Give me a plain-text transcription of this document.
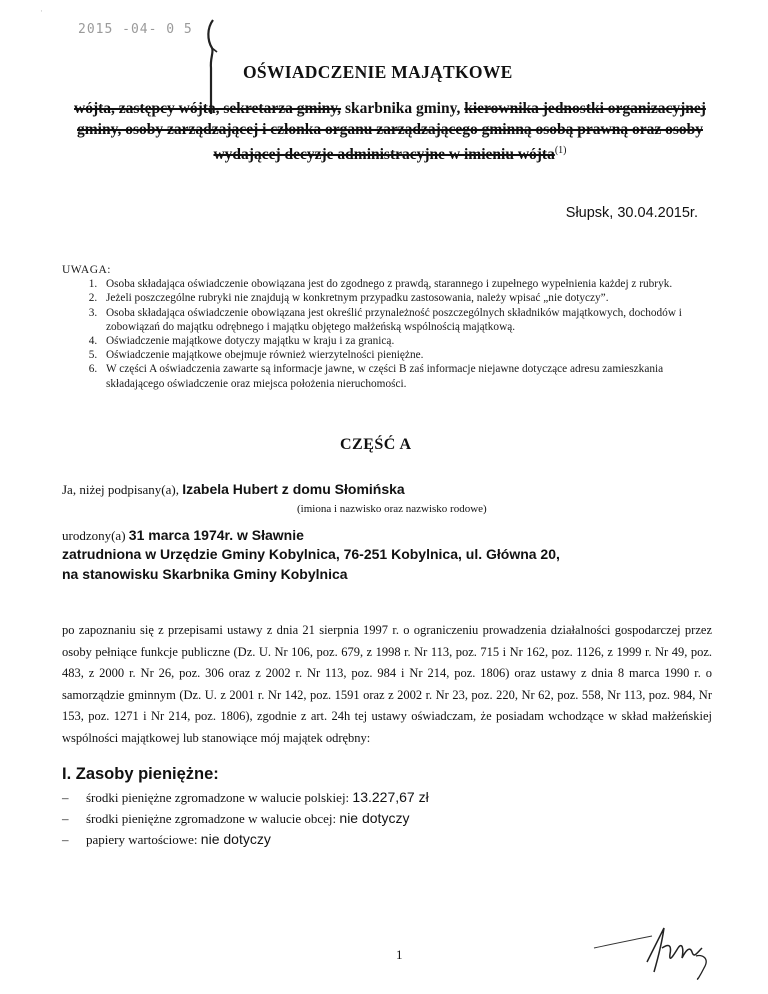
·
2015 -04- 0 5
OŚWIADCZENIE MAJĄTKOWE
wójta, zastępcy wójta, sekretarza gminy, skarbnika gminy, kierownika jednostki organizacyjnej gminy, osoby zarządzającej i członka organu zarządzającego gminną osobą prawną oraz osoby wydającej decyzje administracyjne w imieniu wójta$^{(1)}$
Słupsk, 30.04.2015r.
UWAGA:
1. Osoba składająca oświadczenie obowiązana jest do zgodnego z prawdą, starannego i zupełnego wypełnienia każdej z rubryk.
2. Jeżeli poszczególne rubryki nie znajdują w konkretnym przypadku zastosowania, należy wpisać „nie dotyczy”.
3. Osoba składająca oświadczenie obowiązana jest określić przynależność poszczególnych składników majątkowych, dochodów i zobowiązań do majątku odrębnego i majątku objętego małżeńską wspólnością majątkową.
4. Oświadczenie majątkowe dotyczy majątku w kraju i za granicą.
5. Oświadczenie majątkowe obejmuje również wierzytelności pieniężne.
6. W części A oświadczenia zawarte są informacje jawne, w części B zaś informacje niejawne dotyczące adresu zamieszkania składającego oświadczenie oraz miejsca położenia nieruchomości.
CZĘŚĆ A
Ja, niżej podpisany(a), Izabela Hubert z domu Słomińska
(imiona i nazwisko oraz nazwisko rodowe)
urodzony(a) 31 marca 1974r. w Sławnie
zatrudniona w Urzędzie Gminy Kobylnica, 76-251 Kobylnica, ul. Główna 20,
na stanowisku Skarbnika Gminy Kobylnica
po zapoznaniu się z przepisami ustawy z dnia 21 sierpnia 1997 r. o ograniczeniu prowadzenia działalności gospodarczej przez osoby pełniące funkcje publiczne (Dz. U. Nr 106, poz. 679, z 1998 r. Nr 113, poz. 715 i Nr 162, poz. 1126, z 1999 r. Nr 49, poz. 483, z 2000 r. Nr 26, poz. 306 oraz z 2002 r. Nr 113, poz. 984 i Nr 214, poz. 1806) oraz ustawy z dnia 8 marca 1990 r. o samorządzie gminnym (Dz. U. z 2001 r. Nr 142, poz. 1591 oraz z 2002 r. Nr 23, poz. 220, Nr 62, poz. 558, Nr 113, poz. 984, Nr 153, poz. 1271 i Nr 214, poz. 1806), zgodnie z art. 24h tej ustawy oświadczam, że posiadam wchodzące w skład małżeńskiej wspólności majątkowej lub stanowiące mój majątek odrębny:
I. Zasoby pieniężne:
– środki pieniężne zgromadzone w walucie polskiej: 13.227,67 zł
– środki pieniężne zgromadzone w walucie obcej: nie dotyczy
– papiery wartościowe: nie dotyczy
1
